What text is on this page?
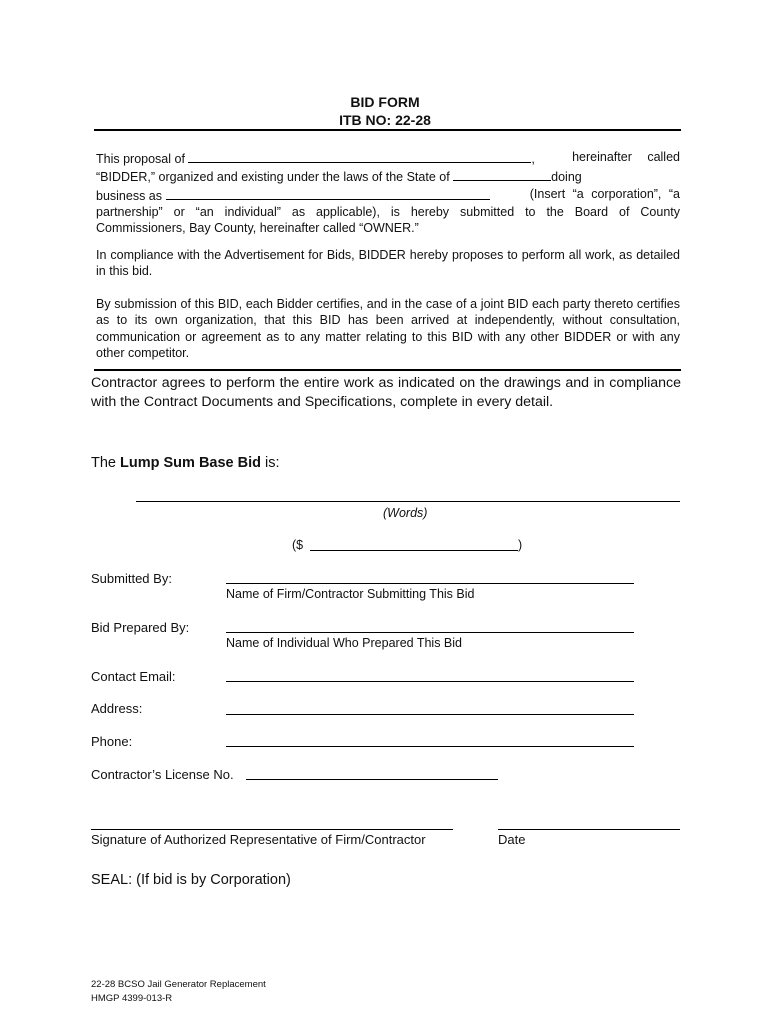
BID FORM
ITB NO: 22-28
This proposal of	,	hereinafter called
“BIDDER,” organized and existing under the laws of the State of	doing
business as	(Insert “a corporation”, “a
partnership” or “an individual” as applicable), is hereby submitted to the Board of County
Commissioners, Bay County, hereinafter called “OWNER.”
In compliance with the Advertisement for Bids, BIDDER hereby proposes to perform all work, as detailed in this bid.
By submission of this BID, each Bidder certifies, and in the case of a joint BID each party thereto certifies as to its own organization, that this BID has been arrived at independently, without consultation, communication or agreement as to any matter relating to this BID with any other BIDDER or with any other competitor.
Contractor agrees to perform the entire work as indicated on the drawings and in compliance with the Contract Documents and Specifications, complete in every detail.
The Lump Sum Base Bid is:
(Words)
($	)
Submitted By:
Name of Firm/Contractor Submitting This Bid
Bid Prepared By:
Name of Individual Who Prepared This Bid
Contact Email:
Address:
Phone:
Contractor’s License No.
Signature of Authorized Representative of Firm/Contractor	Date
SEAL: (If bid is by Corporation)
22-28 BCSO Jail Generator Replacement
HMGP 4399-013-R
